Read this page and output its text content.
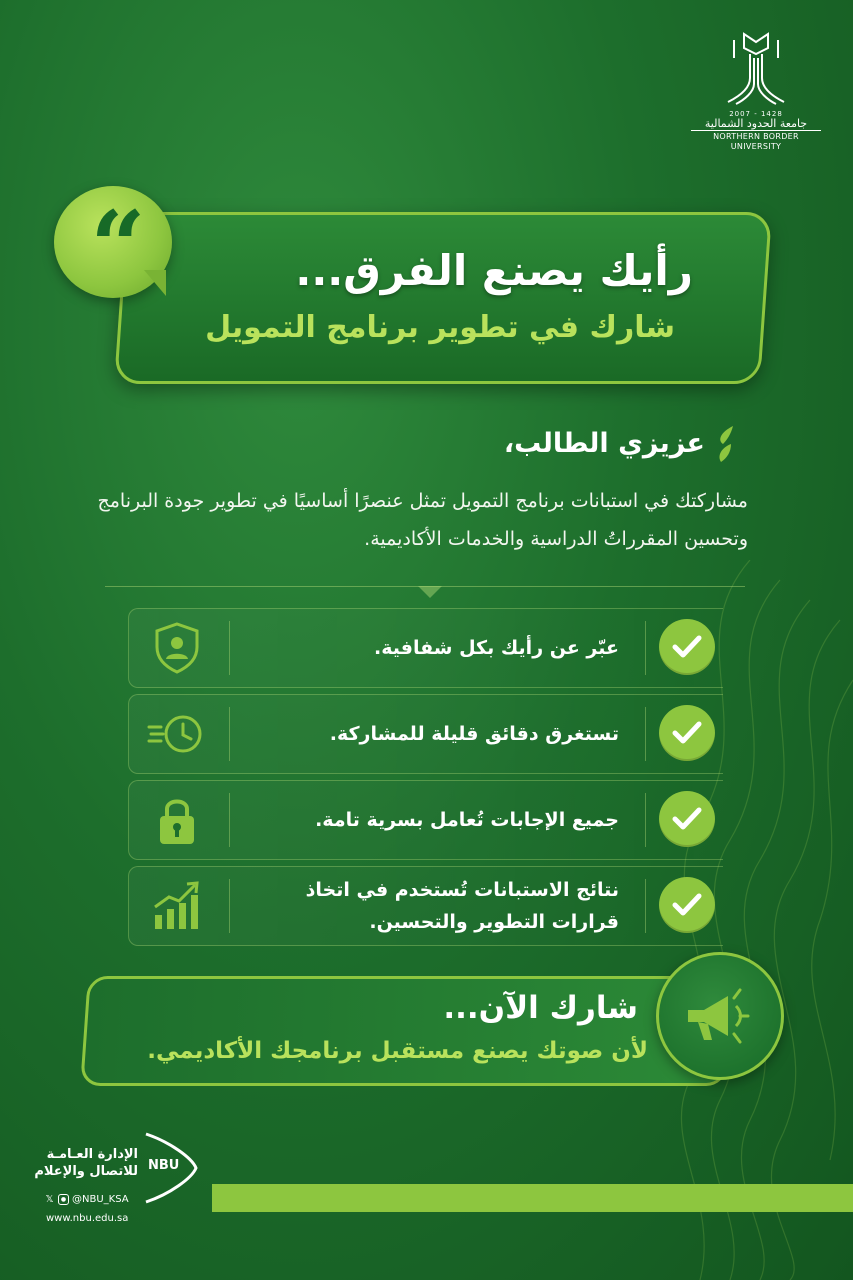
2007 - 1428
جامعة الحدود الشمالية
NORTHERN BORDER UNIVERSITY
“	رأيك يصنع الفرق...
شارك في تطوير برنامج التمويل
عزيزي الطالب،
مشاركتك في استبانات برنامج التمويل تمثل عنصرًا أساسيًا في تطوير جودة البرنامج وتحسين المقرراتُ الدراسية والخدمات الأكاديمية.
عبّر عن رأيك بكل شفافية.
تستغرق دقائق قليلة للمشاركة.
جميع الإجابات تُعامل بسرية تامة.
نتائج الاستبانات تُستخدم في اتخاذ قرارات التطوير والتحسين.
شارك الآن...
لأن صوتك يصنع مستقبل برنامجك الأكاديمي.
NBU
الإدارة العـامـة للاتصال والإعلام
𝕏	● @NBU_KSA
www.nbu.edu.sa
